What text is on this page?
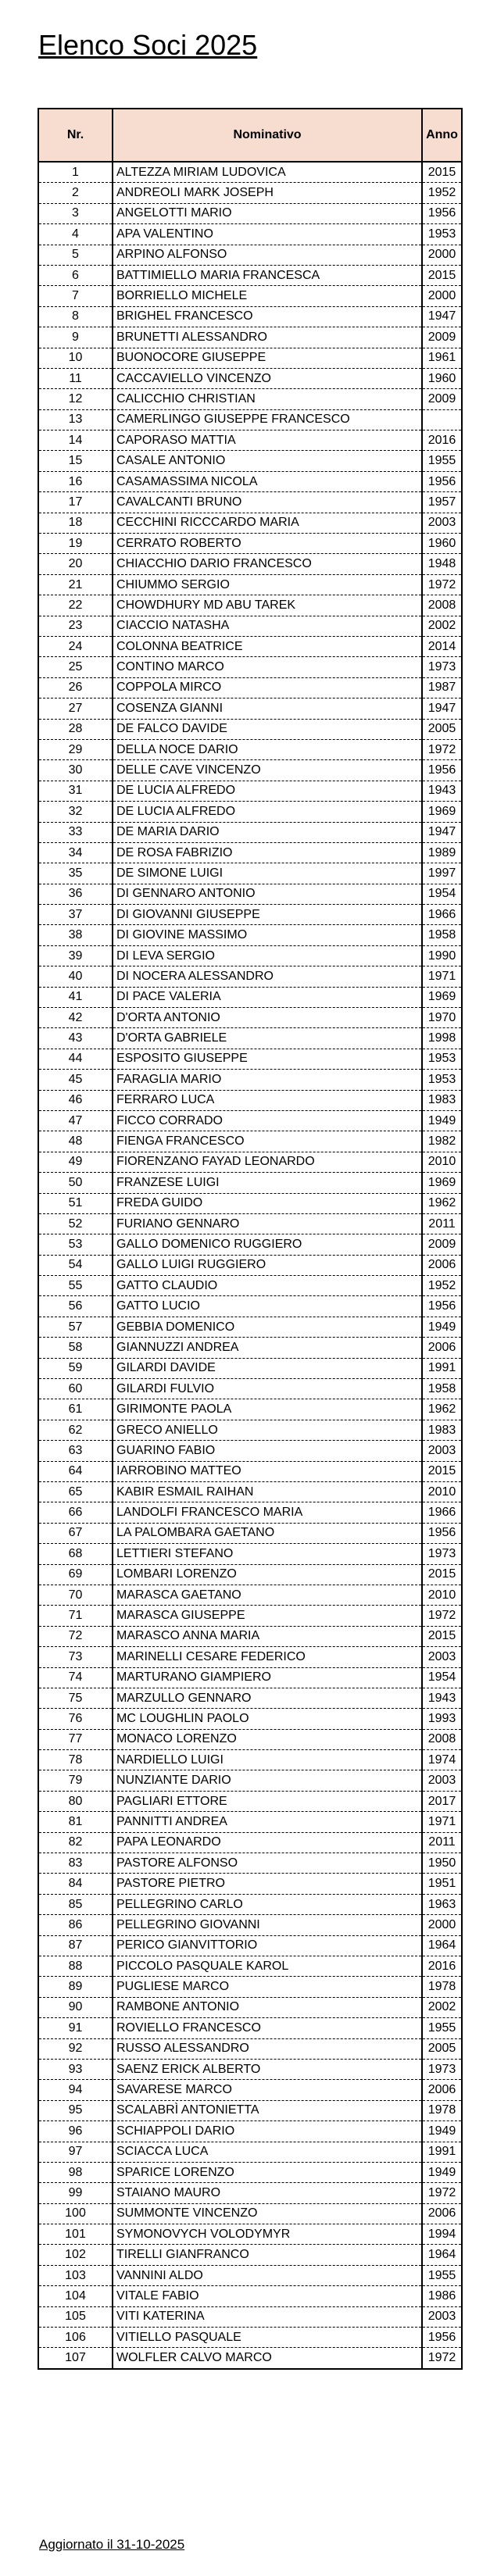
Elenco Soci 2025
Nr.	Nominativo	Anno
1	ALTEZZA MIRIAM LUDOVICA	2015
2	ANDREOLI MARK JOSEPH	1952
3	ANGELOTTI MARIO	1956
4	APA VALENTINO	1953
5	ARPINO ALFONSO	2000
6	BATTIMIELLO MARIA FRANCESCA	2015
7	BORRIELLO MICHELE	2000
8	BRIGHEL FRANCESCO	1947
9	BRUNETTI ALESSANDRO	2009
10	BUONOCORE GIUSEPPE	1961
11	CACCAVIELLO VINCENZO	1960
12	CALICCHIO CHRISTIAN	2009
13	CAMERLINGO GIUSEPPE FRANCESCO	
14	CAPORASO MATTIA	2016
15	CASALE ANTONIO	1955
16	CASAMASSIMA NICOLA	1956
17	CAVALCANTI BRUNO	1957
18	CECCHINI RICCCARDO MARIA	2003
19	CERRATO ROBERTO	1960
20	CHIACCHIO DARIO FRANCESCO	1948
21	CHIUMMO SERGIO	1972
22	CHOWDHURY MD ABU TAREK	2008
23	CIACCIO NATASHA	2002
24	COLONNA BEATRICE	2014
25	CONTINO MARCO	1973
26	COPPOLA MIRCO	1987
27	COSENZA GIANNI	1947
28	DE FALCO DAVIDE	2005
29	DELLA NOCE DARIO	1972
30	DELLE CAVE VINCENZO	1956
31	DE LUCIA ALFREDO	1943
32	DE LUCIA ALFREDO	1969
33	DE MARIA DARIO	1947
34	DE ROSA FABRIZIO	1989
35	DE SIMONE LUIGI	1997
36	DI GENNARO ANTONIO	1954
37	DI GIOVANNI GIUSEPPE	1966
38	DI GIOVINE MASSIMO	1958
39	DI LEVA SERGIO	1990
40	DI NOCERA ALESSANDRO	1971
41	DI PACE VALERIA	1969
42	D'ORTA ANTONIO	1970
43	D'ORTA GABRIELE	1998
44	ESPOSITO GIUSEPPE	1953
45	FARAGLIA MARIO	1953
46	FERRARO LUCA	1983
47	FICCO CORRADO	1949
48	FIENGA FRANCESCO	1982
49	FIORENZANO FAYAD LEONARDO	2010
50	FRANZESE LUIGI	1969
51	FREDA GUIDO	1962
52	FURIANO GENNARO	2011
53	GALLO DOMENICO RUGGIERO	2009
54	GALLO LUIGI RUGGIERO	2006
55	GATTO CLAUDIO	1952
56	GATTO LUCIO	1956
57	GEBBIA DOMENICO	1949
58	GIANNUZZI ANDREA	2006
59	GILARDI DAVIDE	1991
60	GILARDI FULVIO	1958
61	GIRIMONTE PAOLA	1962
62	GRECO ANIELLO	1983
63	GUARINO FABIO	2003
64	IARROBINO MATTEO	2015
65	KABIR ESMAIL RAIHAN	2010
66	LANDOLFI FRANCESCO MARIA	1966
67	LA PALOMBARA GAETANO	1956
68	LETTIERI STEFANO	1973
69	LOMBARI LORENZO	2015
70	MARASCA GAETANO	2010
71	MARASCA GIUSEPPE	1972
72	MARASCO ANNA MARIA	2015
73	MARINELLI CESARE FEDERICO	2003
74	MARTURANO GIAMPIERO	1954
75	MARZULLO GENNARO	1943
76	MC LOUGHLIN PAOLO	1993
77	MONACO LORENZO	2008
78	NARDIELLO LUIGI	1974
79	NUNZIANTE DARIO	2003
80	PAGLIARI ETTORE	2017
81	PANNITTI ANDREA	1971
82	PAPA LEONARDO	2011
83	PASTORE ALFONSO	1950
84	PASTORE PIETRO	1951
85	PELLEGRINO CARLO	1963
86	PELLEGRINO GIOVANNI	2000
87	PERICO GIANVITTORIO	1964
88	PICCOLO PASQUALE KAROL	2016
89	PUGLIESE MARCO	1978
90	RAMBONE ANTONIO	2002
91	ROVIELLO FRANCESCO	1955
92	RUSSO ALESSANDRO	2005
93	SAENZ ERICK ALBERTO	1973
94	SAVARESE MARCO	2006
95	SCALABRÌ ANTONIETTA	1978
96	SCHIAPPOLI DARIO	1949
97	SCIACCA LUCA	1991
98	SPARICE LORENZO	1949
99	STAIANO MAURO	1972
100	SUMMONTE VINCENZO	2006
101	SYMONOVYCH VOLODYMYR	1994
102	TIRELLI GIANFRANCO	1964
103	VANNINI ALDO	1955
104	VITALE FABIO	1986
105	VITI KATERINA	2003
106	VITIELLO PASQUALE	1956
107	WOLFLER CALVO MARCO	1972

Aggiornato il 31-10-2025
